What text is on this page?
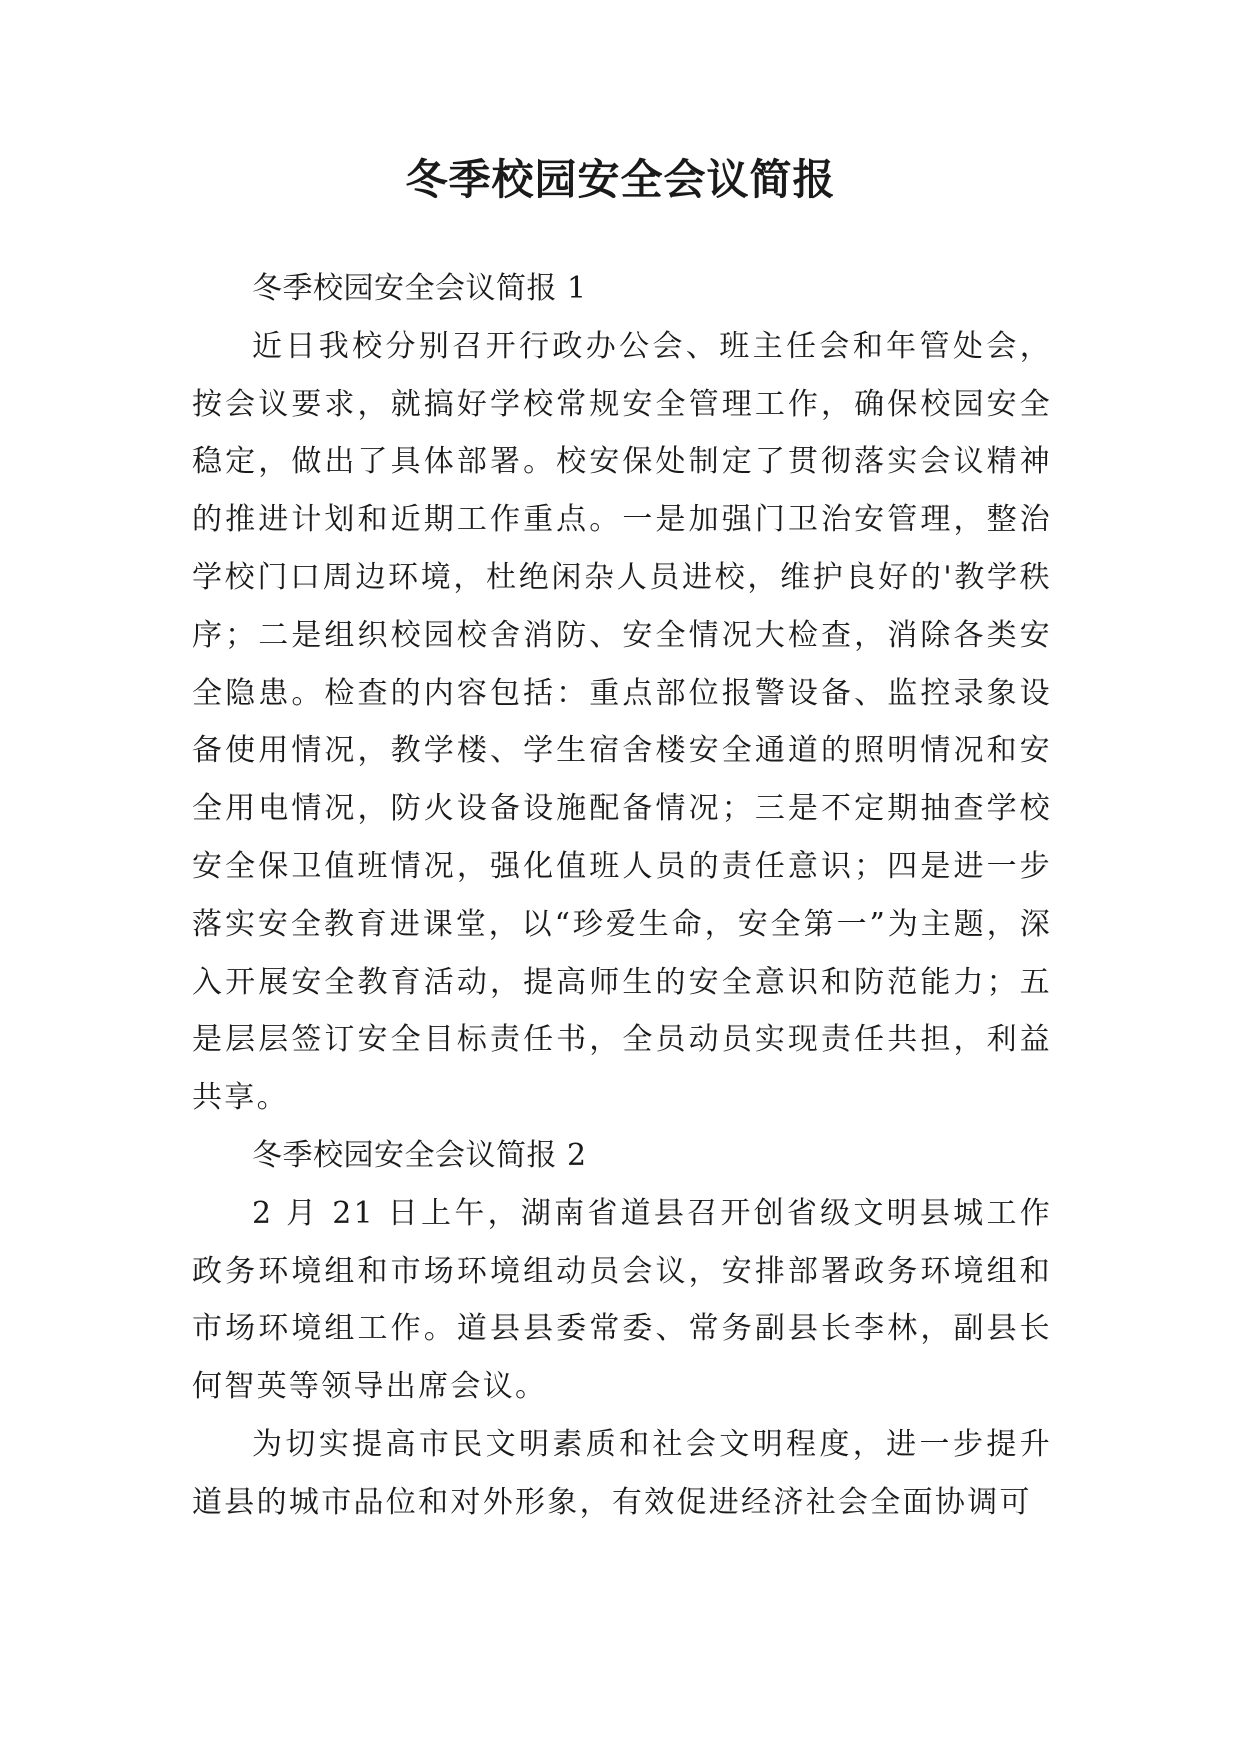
冬季校园安全会议简报

冬季校园安全会议简报 1

近日我校分别召开行政办公会、班主任会和年管处会，按会议要求，就搞好学校常规安全管理工作，确保校园安全稳定，做出了具体部署。校安保处制定了贯彻落实会议精神的推进计划和近期工作重点。一是加强门卫治安管理，整治学校门口周边环境，杜绝闲杂人员进校，维护良好的'教学秩序；二是组织校园校舍消防、安全情况大检查，消除各类安全隐患。检查的内容包括：重点部位报警设备、监控录象设备使用情况，教学楼、学生宿舍楼安全通道的照明情况和安全用电情况，防火设备设施配备情况；三是不定期抽查学校安全保卫值班情况，强化值班人员的责任意识；四是进一步落实安全教育进课堂，以“珍爱生命，安全第一”为主题，深入开展安全教育活动，提高师生的安全意识和防范能力；五是层层签订安全目标责任书，全员动员实现责任共担，利益共享。

冬季校园安全会议简报 2

2 月 21 日上午，湖南省道县召开创省级文明县城工作政务环境组和市场环境组动员会议，安排部署政务环境组和市场环境组工作。道县县委常委、常务副县长李林，副县长何智英等领导出席会议。

为切实提高市民文明素质和社会文明程度，进一步提升道县的城市品位和对外形象，有效促进经济社会全面协调可
